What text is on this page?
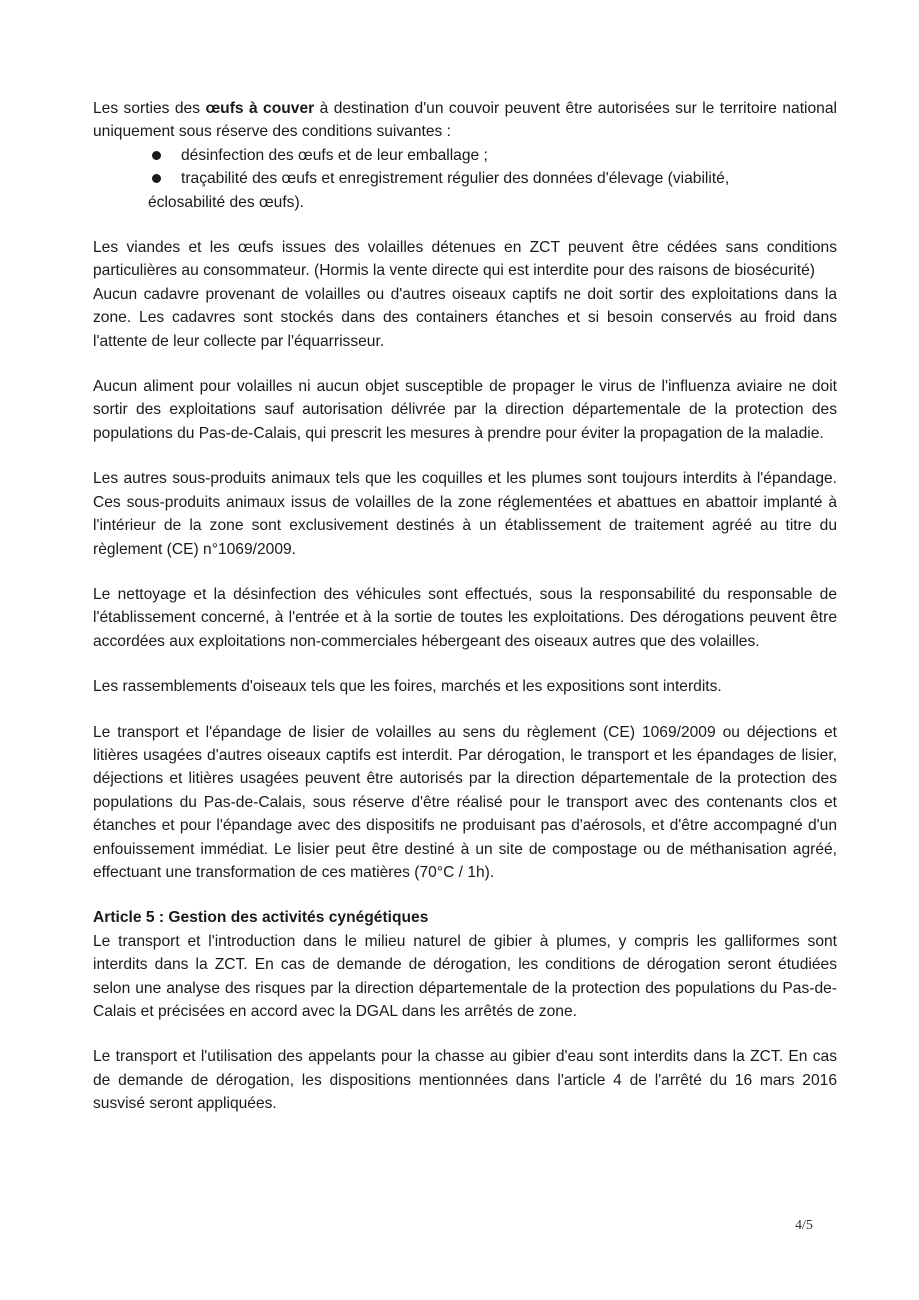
Les sorties des œufs à couver à destination d'un couvoir peuvent être autorisées sur le territoire national uniquement sous réserve des conditions suivantes :

désinfection des œufs et de leur emballage ;
traçabilité des œufs et enregistrement régulier des données d'élevage (viabilité,
éclosabilité des œufs).

Les viandes et les œufs issues des volailles détenues en ZCT peuvent être cédées sans conditions particulières au consommateur. (Hormis la vente directe qui est interdite pour des raisons de biosécurité)

Aucun cadavre provenant de volailles ou d'autres oiseaux captifs ne doit sortir des exploitations dans la zone. Les cadavres sont stockés dans des containers étanches et si besoin conservés au froid dans l'attente de leur collecte par l'équarrisseur.

Aucun aliment pour volailles ni aucun objet susceptible de propager le virus de l'influenza aviaire ne doit sortir des exploitations sauf autorisation délivrée par la direction départementale de la protection des populations du Pas-de-Calais, qui prescrit les mesures à prendre pour éviter la propagation de la maladie.

Les autres sous-produits animaux tels que les coquilles et les plumes sont toujours interdits à l'épandage. Ces sous-produits animaux issus de volailles de la zone réglementées et abattues en abattoir implanté à l'intérieur de la zone sont exclusivement destinés à un établissement de traitement agréé au titre du règlement (CE) n°1069/2009.

Le nettoyage et la désinfection des véhicules sont effectués, sous la responsabilité du responsable de l'établissement concerné, à l'entrée et à la sortie de toutes les exploitations. Des dérogations peuvent être accordées aux exploitations non-commerciales hébergeant des oiseaux autres que des volailles.

Les rassemblements d'oiseaux tels que les foires, marchés et les expositions sont interdits.

Le transport et l'épandage de lisier de volailles au sens du règlement (CE) 1069/2009 ou déjections et litières usagées d'autres oiseaux captifs est interdit. Par dérogation, le transport et les épandages de lisier, déjections et litières usagées peuvent être autorisés par la direction départementale de la protection des populations du Pas-de-Calais, sous réserve d'être réalisé pour le transport avec des contenants clos et étanches et pour l'épandage avec des dispositifs ne produisant pas d'aérosols, et d'être accompagné d'un enfouissement immédiat. Le lisier peut être destiné à un site de compostage ou de méthanisation agréé, effectuant une transformation de ces matières (70°C / 1h).

Article 5 : Gestion des activités cynégétiques

Le transport et l'introduction dans le milieu naturel de gibier à plumes, y compris les galliformes sont interdits dans la ZCT. En cas de demande de dérogation, les conditions de dérogation seront étudiées selon une analyse des risques par la direction départementale de la protection des populations du Pas-de-Calais et précisées en accord avec la DGAL dans les arrêtés de zone.

Le transport et l'utilisation des appelants pour la chasse au gibier d'eau sont interdits dans la ZCT. En cas de demande de dérogation, les dispositions mentionnées dans l'article 4 de l'arrêté du 16 mars 2016 susvisé seront appliquées.

4/5
